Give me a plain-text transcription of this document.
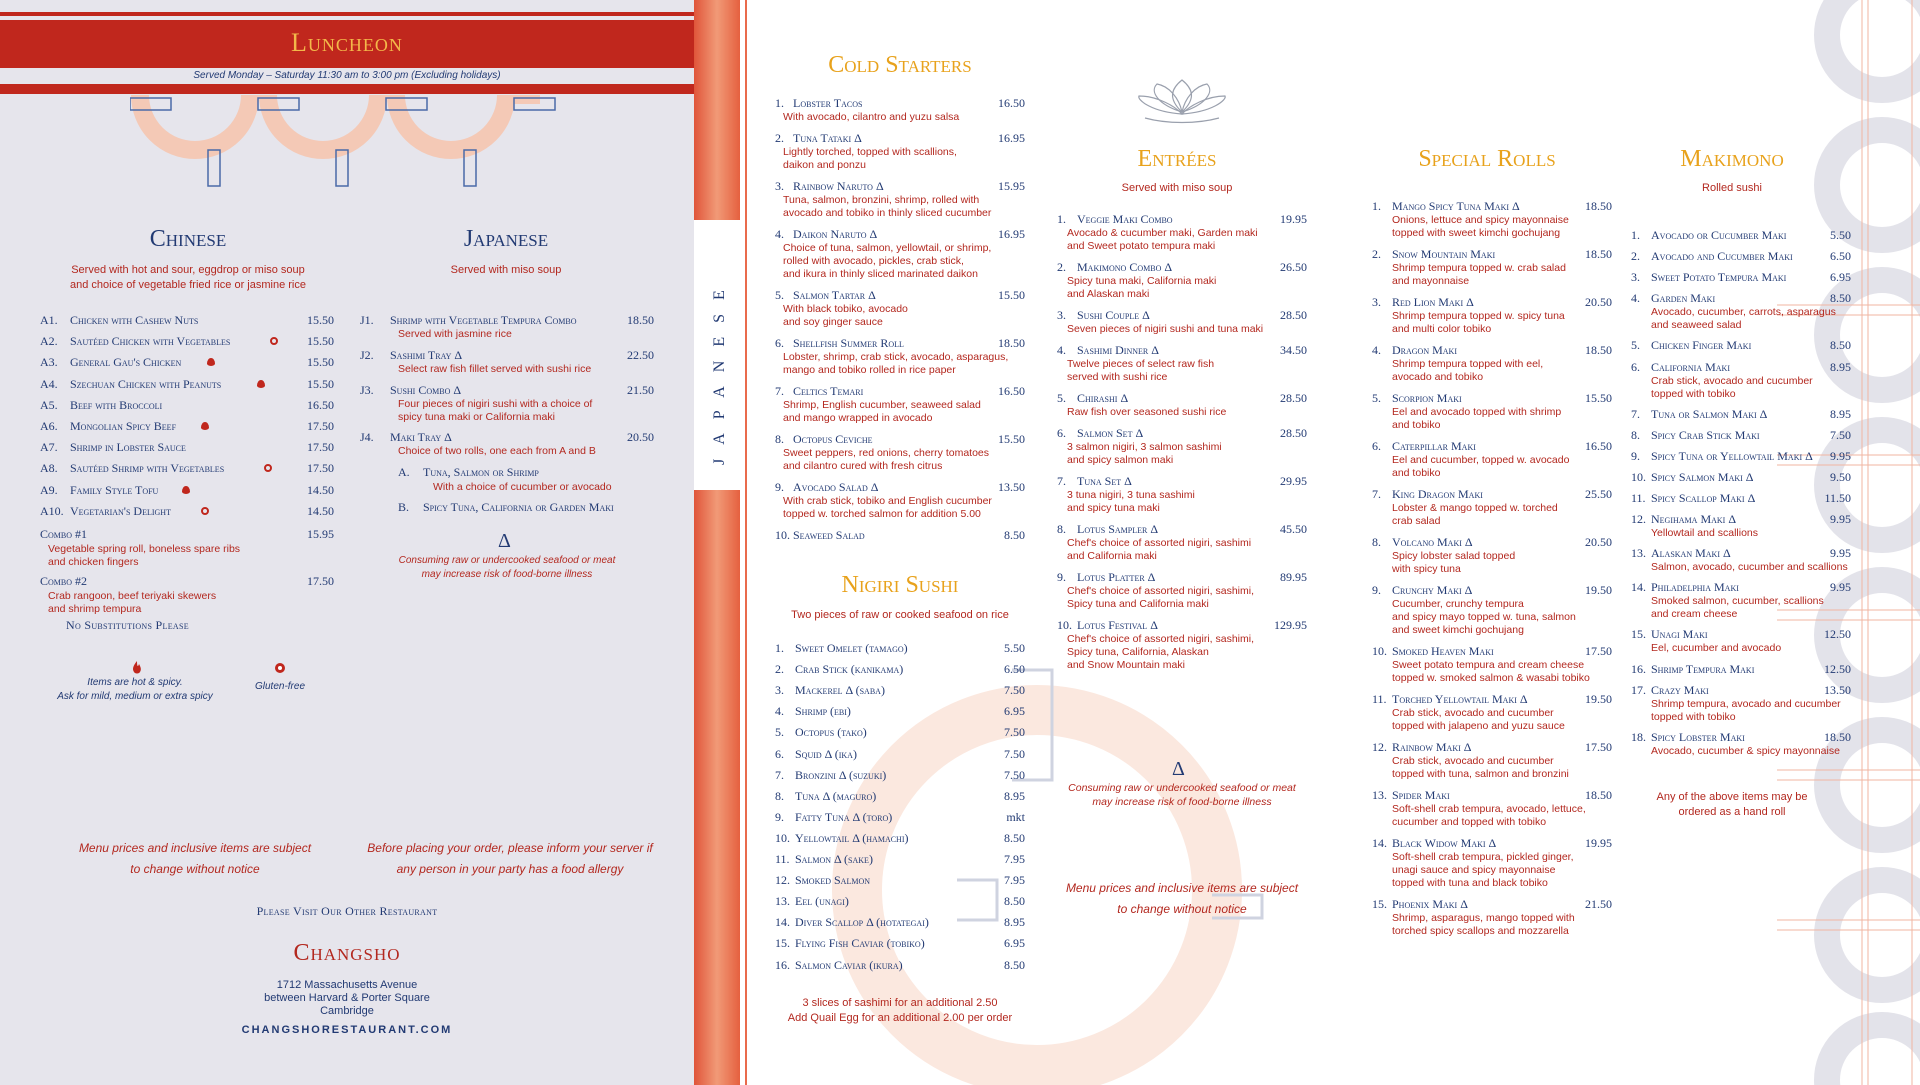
Luncheon
Served Monday – Saturday 11:30 am to 3:00 pm (Excluding holidays)
Chinese
Served with hot and sour, eggdrop or miso soup
and choice of vegetable fried rice or jasmine rice
A1. Chicken with Cashew Nuts	15.50
A2. Sautéed Chicken with Vegetables	15.50
A3. General Gau's Chicken	15.50
A4. Szechuan Chicken with Peanuts	15.50
A5. Beef with Broccoli	16.50
A6. Mongolian Spicy Beef	17.50
A7. Shrimp in Lobster Sauce	17.50
A8. Sautéed Shrimp with Vegetables	17.50
A9. Family Style Tofu	14.50
A10. Vegetarian's Delight	14.50
Combo #1	15.95
Vegetable spring roll, boneless spare ribs
and chicken fingers
Combo #2	17.50
Crab rangoon, beef teriyaki skewers
and shrimp tempura
No Substitutions Please
Japanese
Served with miso soup
J1. Shrimp with Vegetable Tempura Combo	18.50
Served with jasmine rice
J2. Sashimi Tray Δ	22.50
Select raw fish fillet served with sushi rice
J3. Sushi Combo Δ	21.50
Four pieces of nigiri sushi with a choice of
spicy tuna maki or California maki
J4. Maki Tray Δ	20.50
Choice of two rolls, one each from A and B
A. Tuna, Salmon or Shrimp
With a choice of cucumber or avocado
B. Spicy Tuna, California or Garden Maki
Δ
Consuming raw or undercooked seafood or meat
may increase risk of food-borne illness
Items are hot & spicy.
Ask for mild, medium or extra spicy
Gluten-free
Menu prices and inclusive items are subject
to change without notice
Before placing your order, please inform your server if
any person in your party has a food allergy
Please Visit Our Other Restaurant
Changsho
1712 Massachusetts Avenue
between Harvard & Porter Square
Cambridge
CHANGSHORESTAURANT.COM
JAPANESE
Cold Starters
1. Lobster Tacos	16.50
With avocado, cilantro and yuzu salsa
2. Tuna Tataki Δ	16.95
Lightly torched, topped with scallions,
daikon and ponzu
3. Rainbow Naruto Δ	15.95
Tuna, salmon, bronzini, shrimp, rolled with
avocado and tobiko in thinly sliced cucumber
4. Daikon Naruto Δ	16.95
Choice of tuna, salmon, yellowtail, or shrimp,
rolled with avocado, pickles, crab stick,
and ikura in thinly sliced marinated daikon
5. Salmon Tartar Δ	15.50
With black tobiko, avocado
and soy ginger sauce
6. Shellfish Summer Roll	18.50
Lobster, shrimp, crab stick, avocado, asparagus,
mango and tobiko rolled in rice paper
7. Celtics Temari	16.50
Shrimp, English cucumber, seaweed salad
and mango wrapped in avocado
8. Octopus Ceviche	15.50
Sweet peppers, red onions, cherry tomatoes
and cilantro cured with fresh citrus
9. Avocado Salad Δ	13.50
With crab stick, tobiko and English cucumber
topped w. torched salmon for addition 5.00
10. Seaweed Salad	8.50
Nigiri Sushi
Two pieces of raw or cooked seafood on rice
1. Sweet Omelet (tamago)	5.50
2. Crab Stick (kanikama)	6.50
3. Mackerel Δ (saba)	7.50
4. Shrimp (ebi)	6.95
5. Octopus (tako)	7.50
6. Squid Δ (ika)	7.50
7. Bronzini Δ (suzuki)	7.50
8. Tuna Δ (maguro)	8.95
9. Fatty Tuna Δ (toro)	mkt
10. Yellowtail Δ (hamachi)	8.50
11. Salmon Δ (sake)	7.95
12. Smoked Salmon	7.95
13. Eel (unagi)	8.50
14. Diver Scallop Δ (hotategai)	8.95
15. Flying Fish Caviar (tobiko)	6.95
16. Salmon Caviar (ikura)	8.50
3 slices of sashimi for an additional 2.50
Add Quail Egg for an additional 2.00 per order
Entrées
Served with miso soup
1. Veggie Maki Combo	19.95
Avocado & cucumber maki, Garden maki
and Sweet potato tempura maki
2. Makimono Combo Δ	26.50
Spicy tuna maki, California maki
and Alaskan maki
3. Sushi Couple Δ	28.50
Seven pieces of nigiri sushi and tuna maki
4. Sashimi Dinner Δ	34.50
Twelve pieces of select raw fish
served with sushi rice
5. Chirashi Δ	28.50
Raw fish over seasoned sushi rice
6. Salmon Set Δ	28.50
3 salmon nigiri, 3 salmon sashimi
and spicy salmon maki
7. Tuna Set Δ	29.95
3 tuna nigiri, 3 tuna sashimi
and spicy tuna maki
8. Lotus Sampler Δ	45.50
Chef's choice of assorted nigiri, sashimi
and California maki
9. Lotus Platter Δ	89.95
Chef's choice of assorted nigiri, sashimi,
Spicy tuna and California maki
10. Lotus Festival Δ	129.95
Chef's choice of assorted nigiri, sashimi,
Spicy tuna, California, Alaskan
and Snow Mountain maki
Δ
Consuming raw or undercooked seafood or meat
may increase risk of food-borne illness
Menu prices and inclusive items are subject
to change without notice
Special Rolls
1. Mango Spicy Tuna Maki Δ	18.50
Onions, lettuce and spicy mayonnaise
topped with sweet kimchi gochujang
2. Snow Mountain Maki	18.50
Shrimp tempura topped w. crab salad
and mayonnaise
3. Red Lion Maki Δ	20.50
Shrimp tempura topped w. spicy tuna
and multi color tobiko
4. Dragon Maki	18.50
Shrimp tempura topped with eel,
avocado and tobiko
5. Scorpion Maki	15.50
Eel and avocado topped with shrimp
and tobiko
6. Caterpillar Maki	16.50
Eel and cucumber, topped w. avocado
and tobiko
7. King Dragon Maki	25.50
Lobster & mango topped w. torched
crab salad
8. Volcano Maki Δ	20.50
Spicy lobster salad topped
with spicy tuna
9. Crunchy Maki Δ	19.50
Cucumber, crunchy tempura
and spicy mayo topped w. tuna, salmon
and sweet kimchi gochujang
10. Smoked Heaven Maki	17.50
Sweet potato tempura and cream cheese
topped w. smoked salmon & wasabi tobiko
11. Torched Yellowtail Maki Δ	19.50
Crab stick, avocado and cucumber
topped with jalapeno and yuzu sauce
12. Rainbow Maki Δ	17.50
Crab stick, avocado and cucumber
topped with tuna, salmon and bronzini
13. Spider Maki	18.50
Soft-shell crab tempura, avocado, lettuce,
cucumber and topped with tobiko
14. Black Widow Maki Δ	19.95
Soft-shell crab tempura, pickled ginger,
unagi sauce and spicy mayonnaise
topped with tuna and black tobiko
15. Phoenix Maki Δ	21.50
Shrimp, asparagus, mango topped with
torched spicy scallops and mozzarella
Makimono
Rolled sushi
1. Avocado or Cucumber Maki	5.50
2. Avocado and Cucumber Maki	6.50
3. Sweet Potato Tempura Maki	6.95
4. Garden Maki	8.50
Avocado, cucumber, carrots, asparagus
and seaweed salad
5. Chicken Finger Maki	8.50
6. California Maki	8.95
Crab stick, avocado and cucumber
topped with tobiko
7. Tuna or Salmon Maki Δ	8.95
8. Spicy Crab Stick Maki	7.50
9. Spicy Tuna or Yellowtail Maki Δ	9.95
10. Spicy Salmon Maki Δ	9.50
11. Spicy Scallop Maki Δ	11.50
12. Negihama Maki Δ	9.95
Yellowtail and scallions
13. Alaskan Maki Δ	9.95
Salmon, avocado, cucumber and scallions
14. Philadelphia Maki	9.95
Smoked salmon, cucumber, scallions
and cream cheese
15. Unagi Maki	12.50
Eel, cucumber and avocado
16. Shrimp Tempura Maki	12.50
17. Crazy Maki	13.50
Shrimp tempura, avocado and cucumber
topped with tobiko
18. Spicy Lobster Maki	18.50
Avocado, cucumber & spicy mayonnaise
Any of the above items may be
ordered as a hand roll
